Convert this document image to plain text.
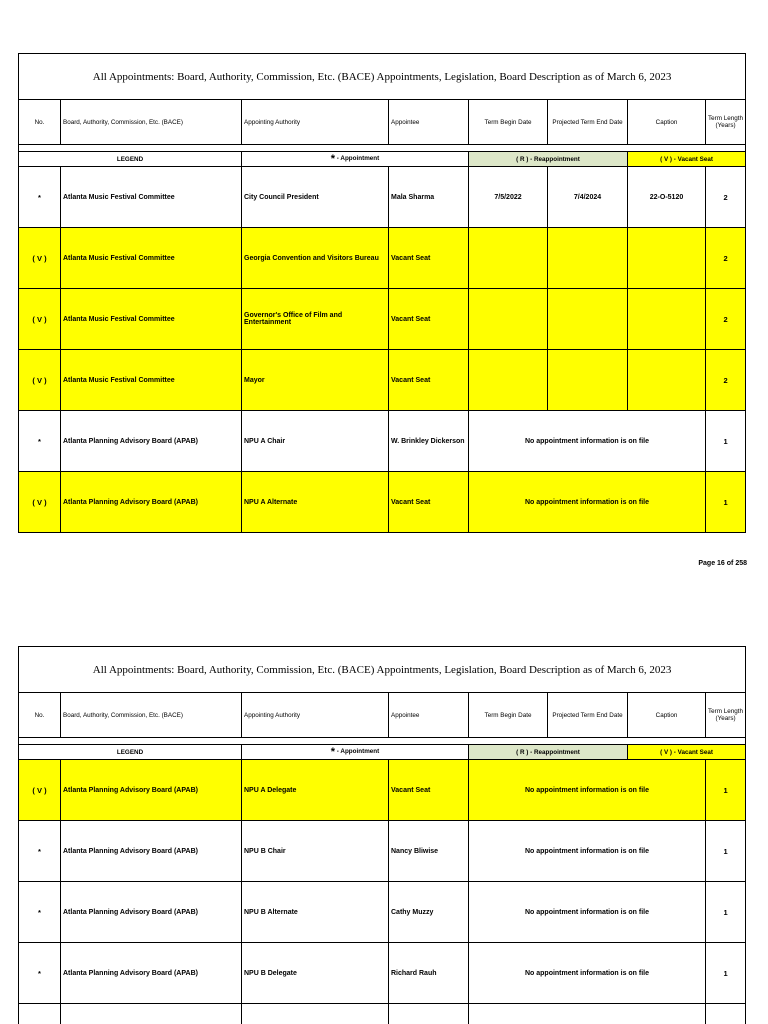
All Appointments: Board, Authority, Commission, Etc. (BACE) Appointments, Legislation, Board Description as of March 6, 2023							
No.	Board, Authority, Commission, Etc. (BACE)	Appointing Authority	Appointee	Term Begin Date	Projected Term End Date	Caption	Term Length (Years)

LEGEND		* - Appointment		( R ) - Reappointment		( V ) - Vacant Seat	
*	Atlanta Music Festival Committee	City Council President	Mala Sharma	7/5/2022	7/4/2024	22-O-5120	2
( V )	Atlanta Music Festival Committee	Georgia Convention and Visitors Bureau	Vacant Seat				2
( V )	Atlanta Music Festival Committee	Governor's Office of Film and Entertainment	Vacant Seat				2
( V )	Atlanta Music Festival Committee	Mayor	Vacant Seat				2
*	Atlanta Planning Advisory Board (APAB)	NPU A Chair	W. Brinkley Dickerson	No appointment information is on file			1
( V )	Atlanta Planning Advisory Board (APAB)	NPU A Alternate	Vacant Seat	No appointment information is on file			1
Page 16 of 258
All Appointments: Board, Authority, Commission, Etc. (BACE) Appointments, Legislation, Board Description as of March 6, 2023							
No.	Board, Authority, Commission, Etc. (BACE)	Appointing Authority	Appointee	Term Begin Date	Projected Term End Date	Caption	Term Length (Years)

LEGEND		* - Appointment		( R ) - Reappointment		( V ) - Vacant Seat	
( V )	Atlanta Planning Advisory Board (APAB)	NPU A Delegate	Vacant Seat	No appointment information is on file			1
*	Atlanta Planning Advisory Board (APAB)	NPU B Chair	Nancy Bliwise	No appointment information is on file			1
*	Atlanta Planning Advisory Board (APAB)	NPU B Alternate	Cathy Muzzy	No appointment information is on file			1
*	Atlanta Planning Advisory Board (APAB)	NPU B Delegate	Richard Rauh	No appointment information is on file			1
